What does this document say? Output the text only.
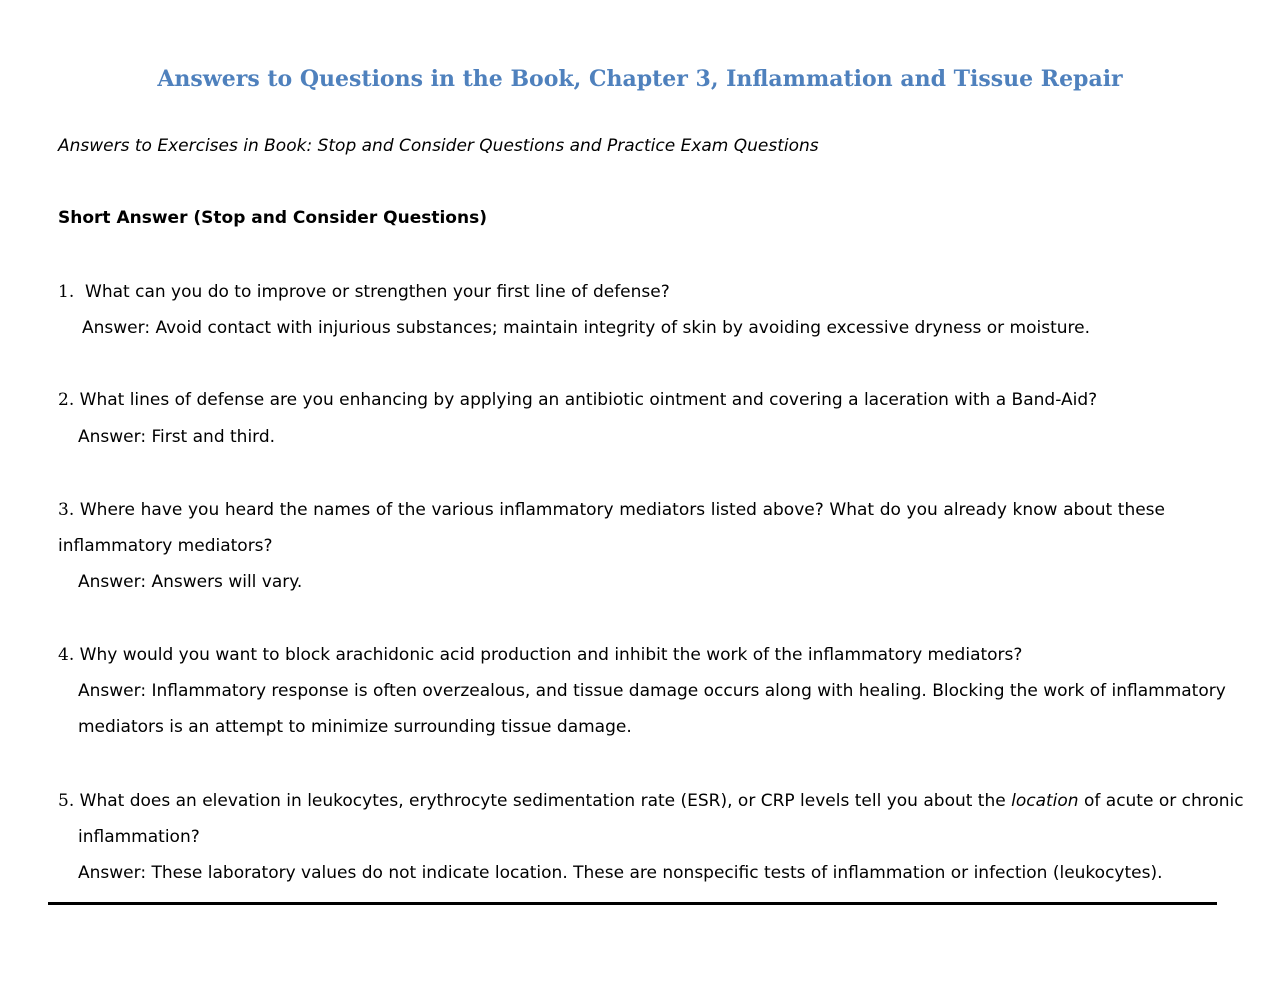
Answers to Questions in the Book, Chapter 3, Inflammation and Tissue Repair
Answers to Exercises in Book: Stop and Consider Questions and Practice Exam Questions
Short Answer (Stop and Consider Questions)
1. What can you do to improve or strengthen your first line of defense?
Answer: Avoid contact with injurious substances; maintain integrity of skin by avoiding excessive dryness or moisture.
2. What lines of defense are you enhancing by applying an antibiotic ointment and covering a laceration with a Band-Aid?
Answer: First and third.
3. Where have you heard the names of the various inflammatory mediators listed above? What do you already know about these
inflammatory mediators?
Answer: Answers will vary.
4. Why would you want to block arachidonic acid production and inhibit the work of the inflammatory mediators?
Answer: Inflammatory response is often overzealous, and tissue damage occurs along with healing. Blocking the work of inflammatory
mediators is an attempt to minimize surrounding tissue damage.
5. What does an elevation in leukocytes, erythrocyte sedimentation rate (ESR), or CRP levels tell you about the location of acute or chronic
inflammation?
Answer: These laboratory values do not indicate location. These are nonspecific tests of inflammation or infection (leukocytes).
